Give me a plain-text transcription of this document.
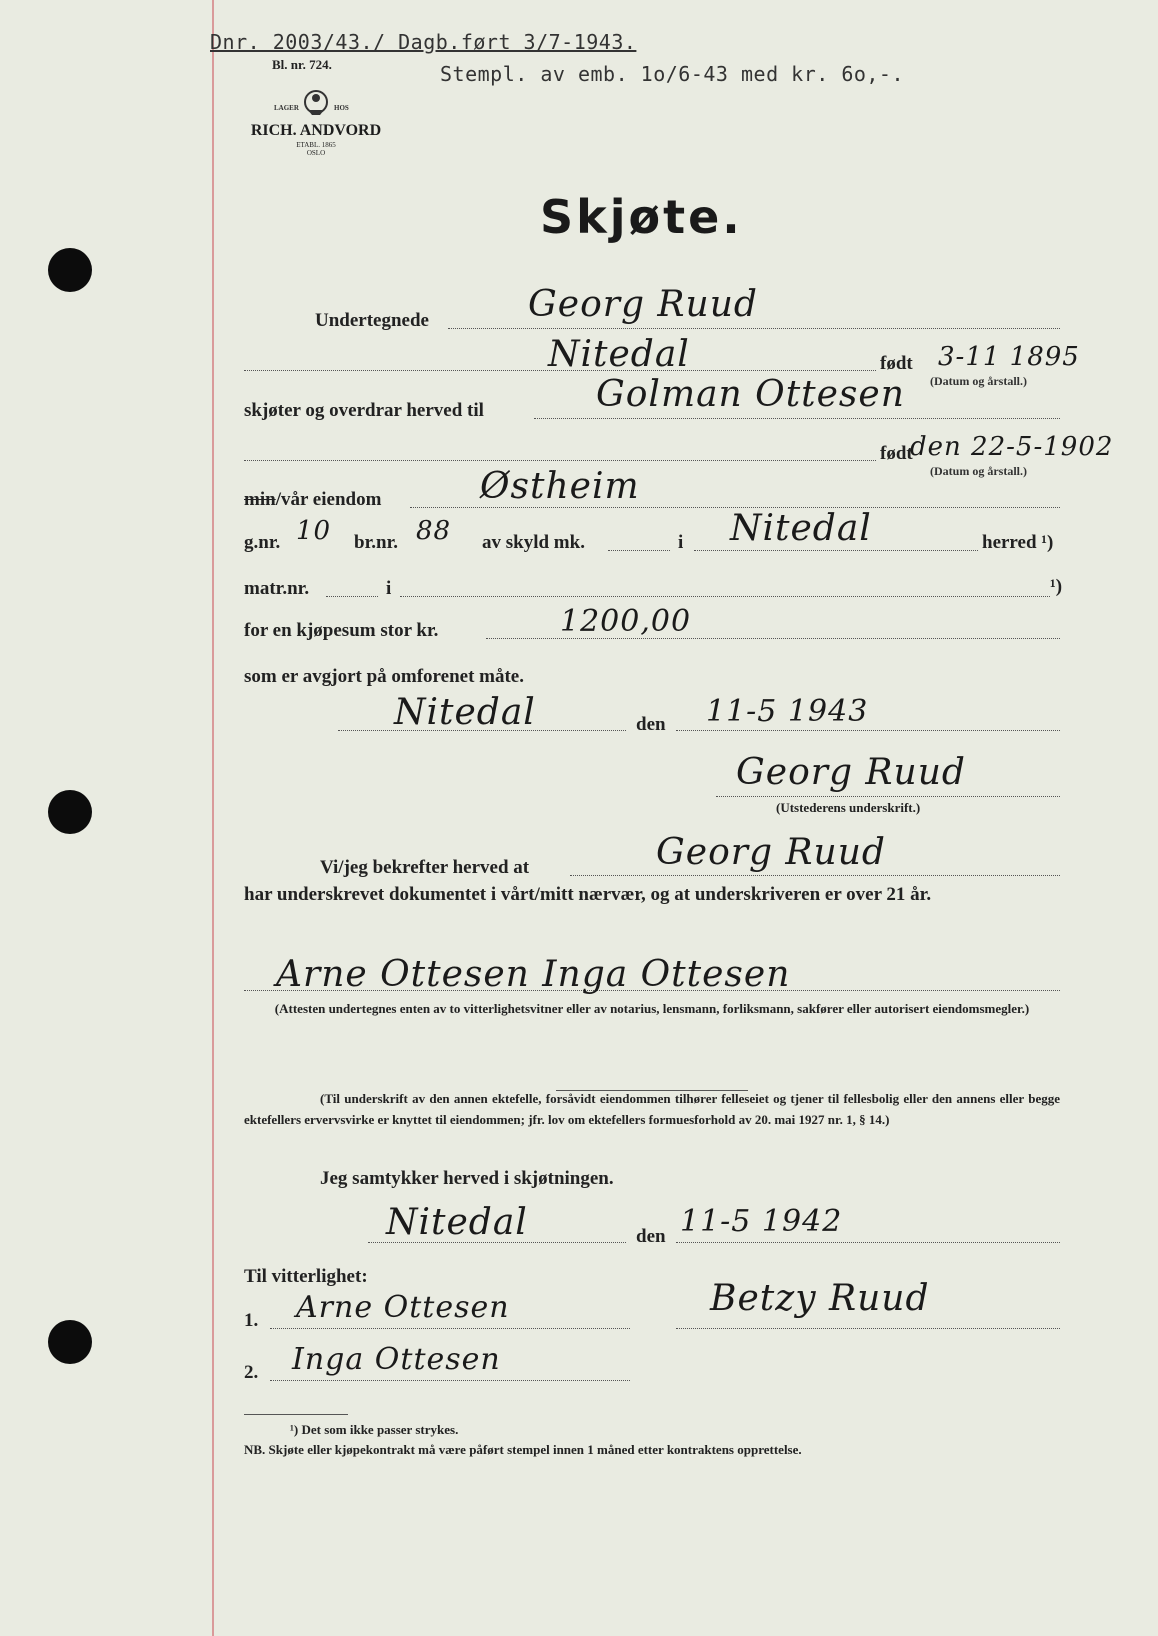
Dnr. 2003/43./ Dagb.ført 3/7-1943.
Bl. nr. 724.	Stempl. av emb. 1o/6-43 med kr. 6o,-.
LAGER	HOS
RICH. ANDVORD
ETABL. 1865
OSLO
Skjøte.
Undertegnede	Georg Ruud
Nitedal	født 3-11 1895
(Datum og årstall.)
skjøter og overdrar herved til	Golman Ottesen
født
den 22-5-1902
(Datum og årstall.)
min/vår eiendom	Østheim
g.nr. 10 br.nr. 88 av skyld mk.	i Nitedal	herred ¹)
matr.nr.	i	¹)
for en kjøpesum stor kr.	1200,00
som er avgjort på omforenet måte.
Nitedal	den 11-5 1943
Georg Ruud
(Utstederens underskrift.)
Vi/jeg bekrefter herved at	Georg Ruud
har underskrevet dokumentet i vårt/mitt nærvær, og at underskriveren er over 21 år.
Arne Ottesen Inga Ottesen
(Attesten undertegnes enten av to vitterlighetsvitner eller av notarius, lensmann, forliksmann, sakfører eller autorisert eiendomsmegler.)
(Til underskrift av den annen ektefelle, forsåvidt eiendommen tilhører felleseiet og tjener til fellesbolig eller den annens eller begge ektefellers ervervsvirke er knyttet til eiendommen; jfr. lov om ektefellers formuesforhold av 20. mai 1927 nr. 1, § 14.)
Jeg samtykker herved i skjøtningen.
Nitedal	den 11-5 1942
Til vitterlighet:
1. Arne Ottesen	Betzy Ruud
2. Inga Ottesen
¹) Det som ikke passer strykes.
NB. Skjøte eller kjøpekontrakt må være påført stempel innen 1 måned etter kontraktens opprettelse.
